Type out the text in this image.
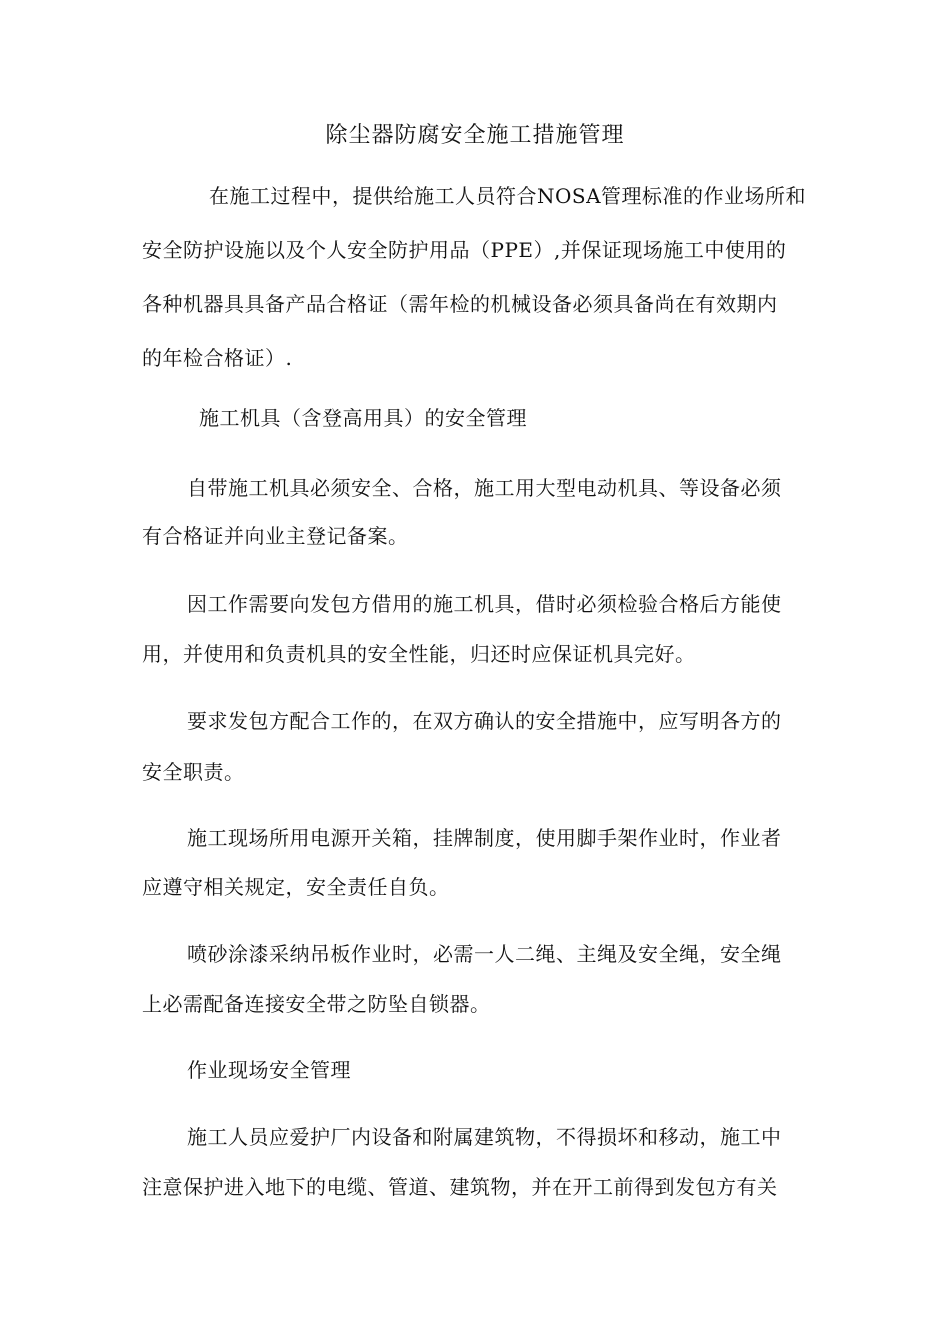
除尘器防腐安全施工措施管理
在施工过程中，提供给施工人员符合NOSA管理标准的作业场所和
安全防护设施以及个人安全防护用品（PPE）,并保证现场施工中使用的
各种机器具具备产品合格证（需年检的机械设备必须具备尚在有效期内
的年检合格证）.
施工机具（含登高用具）的安全管理
自带施工机具必须安全、合格，施工用大型电动机具、等设备必须
有合格证并向业主登记备案。
因工作需要向发包方借用的施工机具，借时必须检验合格后方能使
用，并使用和负责机具的安全性能，归还时应保证机具完好。
要求发包方配合工作的，在双方确认的安全措施中，应写明各方的
安全职责。
施工现场所用电源开关箱，挂牌制度，使用脚手架作业时，作业者
应遵守相关规定，安全责任自负。
喷砂涂漆采纳吊板作业时，必需一人二绳、主绳及安全绳，安全绳
上必需配备连接安全带之防坠自锁器。
作业现场安全管理
施工人员应爱护厂内设备和附属建筑物，不得损坏和移动，施工中
注意保护进入地下的电缆、管道、建筑物，并在开工前得到发包方有关
